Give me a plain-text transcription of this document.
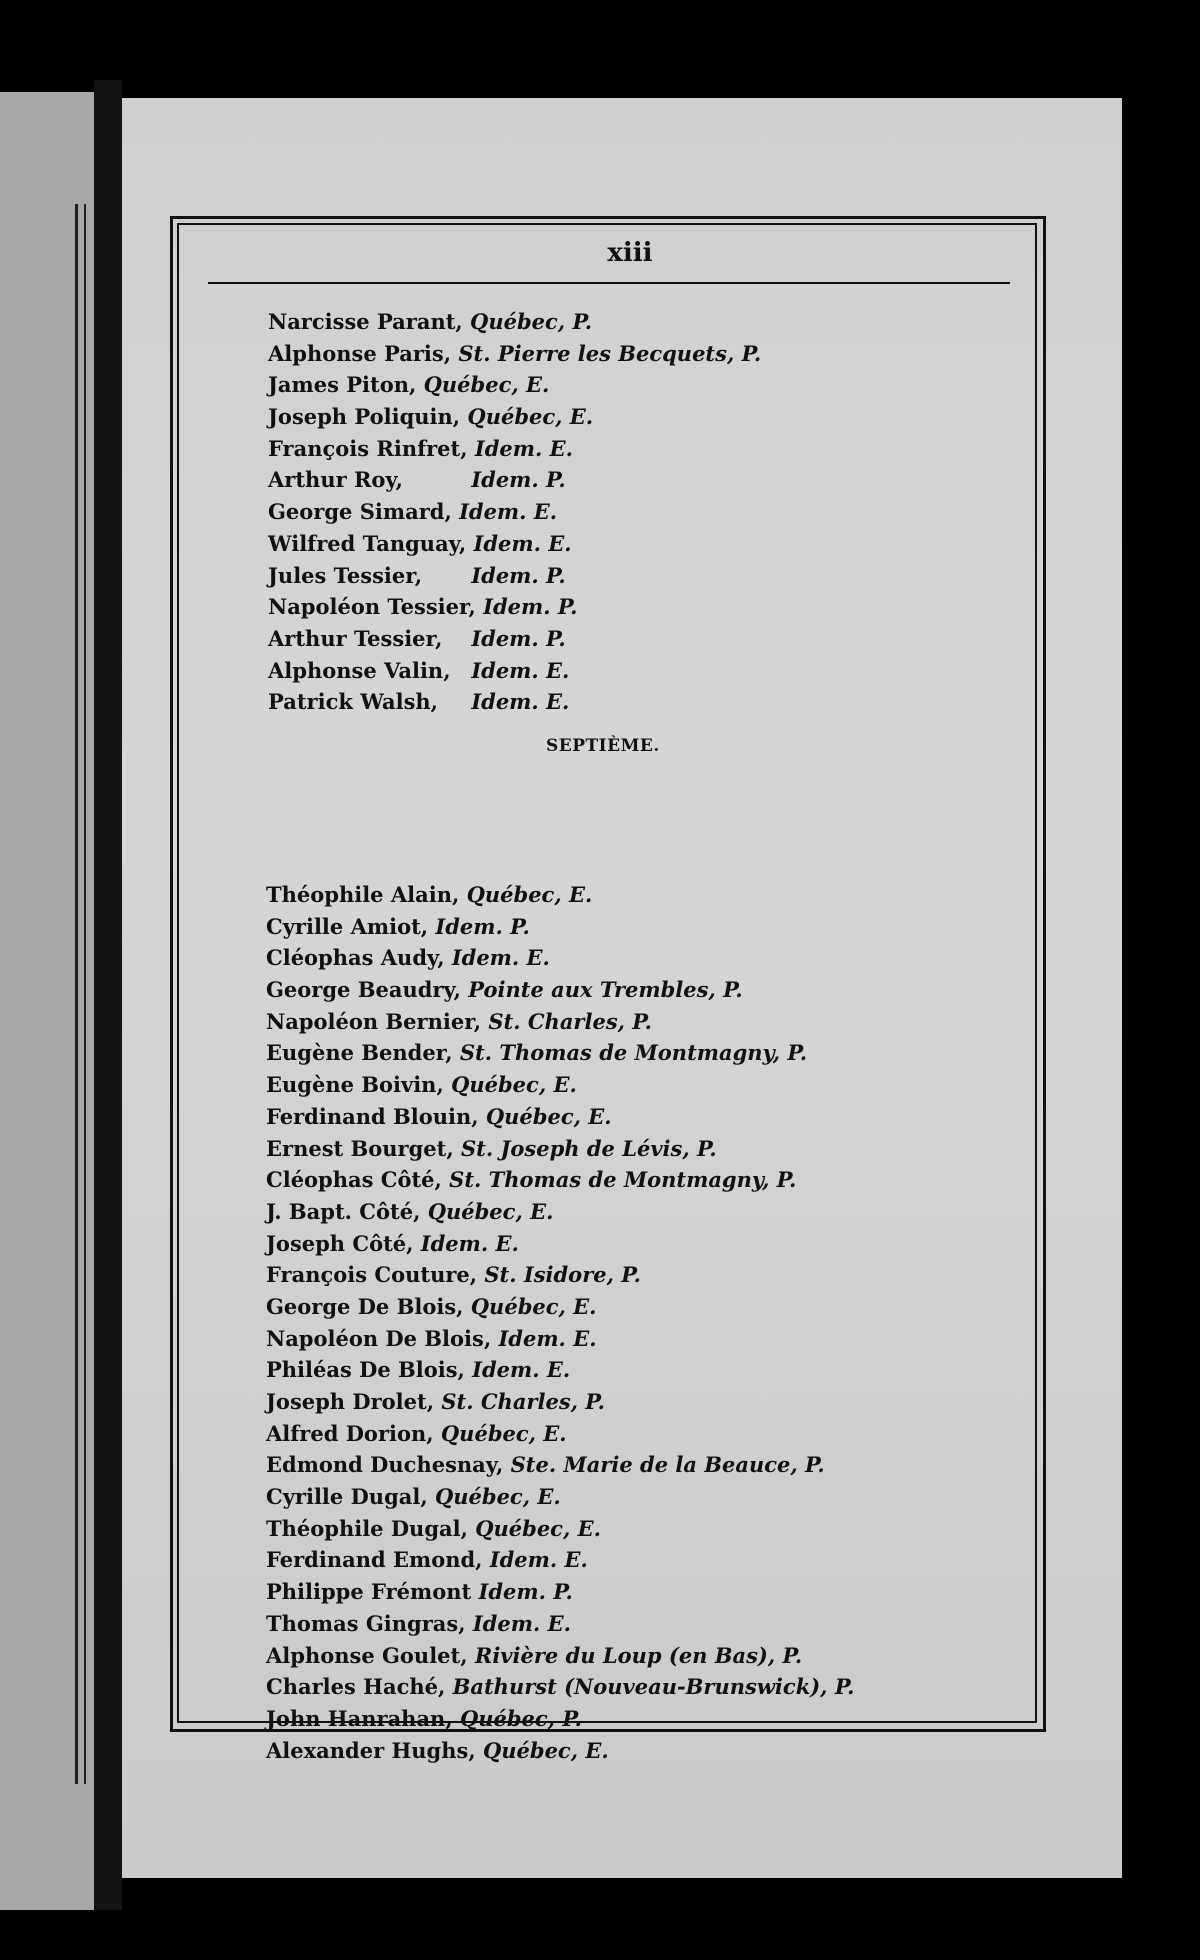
xiii
Narcisse Parant, Québec, P.
Alphonse Paris, St. Pierre les Becquets, P.
James Piton, Québec, E.
Joseph Poliquin, Québec, E.
François Rinfret, Idem. E.
Arthur Roy,	Idem. P.
George Simard, Idem. E.
Wilfred Tanguay, Idem. E.
Jules Tessier, Idem. P.
Napoléon Tessier, Idem. P.
Arthur Tessier, Idem. P.
Alphonse Valin, Idem. E.
Patrick Walsh, Idem. E.
SEPTIÈME.
Théophile Alain, Québec, E.
Cyrille Amiot, Idem. P.
Cléophas Audy, Idem. E.
George Beaudry, Pointe aux Trembles, P.
Napoléon Bernier, St. Charles, P.
Eugène Bender, St. Thomas de Montmagny, P.
Eugène Boivin, Québec, E.
Ferdinand Blouin, Québec, E.
Ernest Bourget, St. Joseph de Lévis, P.
Cléophas Côté, St. Thomas de Montmagny, P.
J. Bapt. Côté, Québec, E.
Joseph Côté, Idem. E.
François Couture, St. Isidore, P.
George De Blois, Québec, E.
Napoléon De Blois, Idem. E.
Philéas De Blois, Idem. E.
Joseph Drolet, St. Charles, P.
Alfred Dorion, Québec, E.
Edmond Duchesnay, Ste. Marie de la Beauce, P.
Cyrille Dugal, Québec, E.
Théophile Dugal, Québec, E.
Ferdinand Emond, Idem. E.
Philippe Frémont Idem. P.
Thomas Gingras, Idem. E.
Alphonse Goulet, Rivière du Loup (en Bas), P.
Charles Haché, Bathurst (Nouveau-Brunswick), P.
John Hanrahan, Québec, P.
Alexander Hughs, Québec, E.
